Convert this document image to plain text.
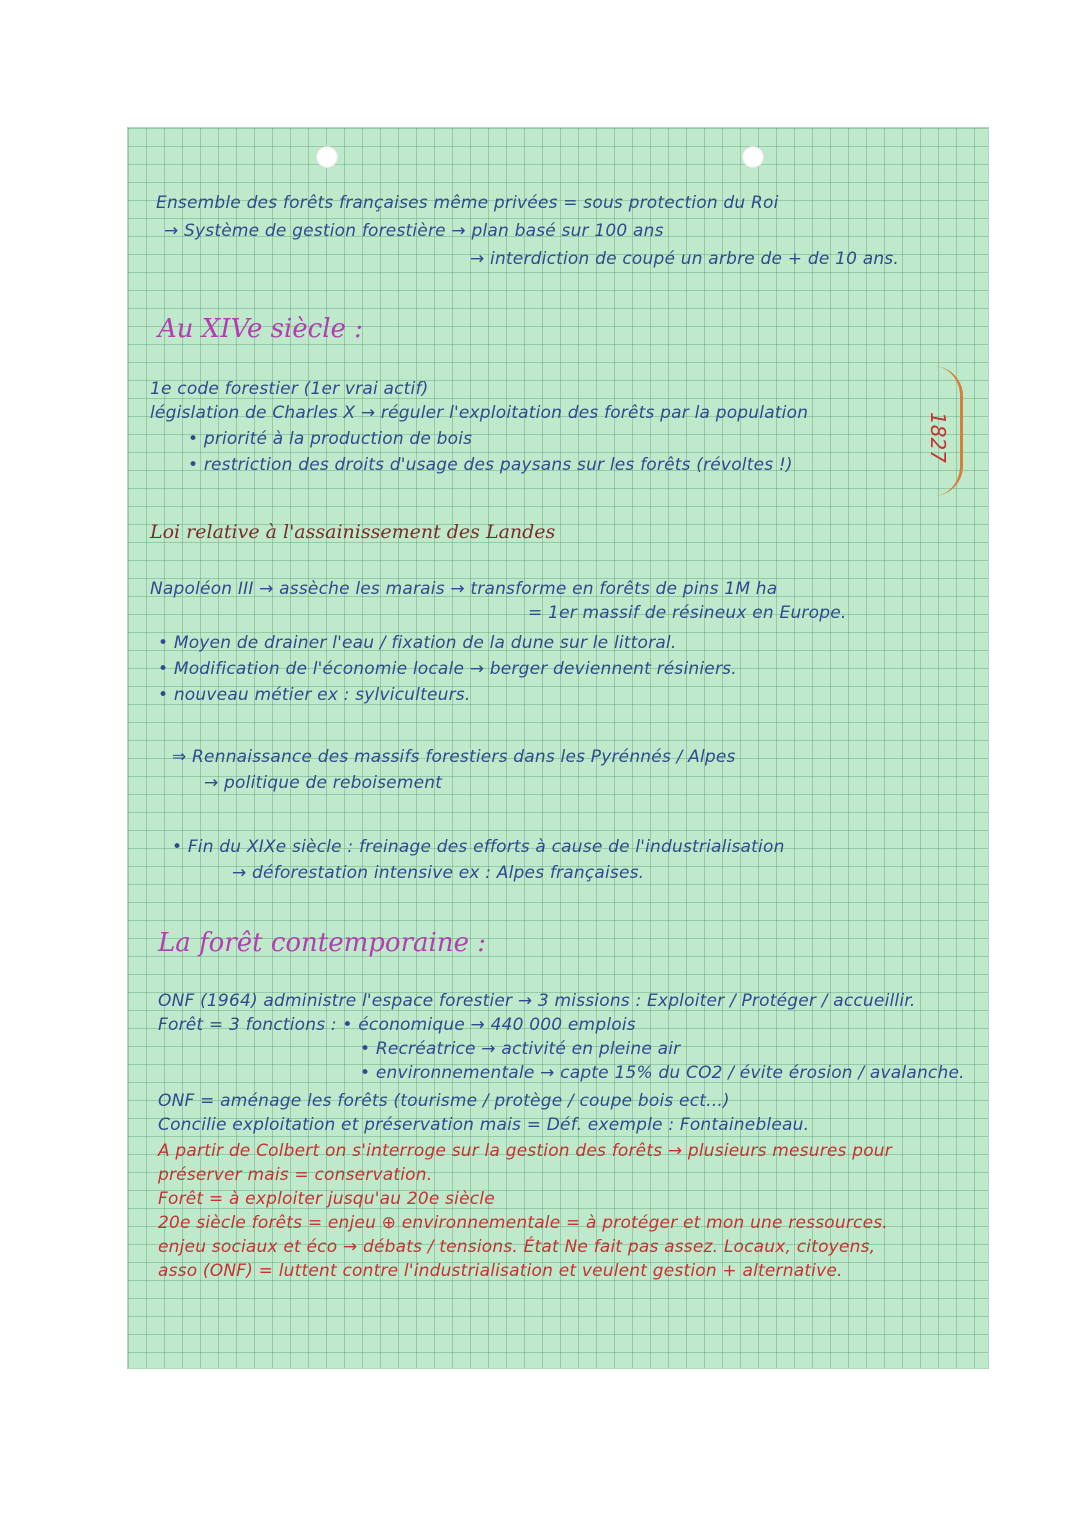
Ensemble des forêts françaises même privées = sous protection du Roi
→ Système de gestion forestière → plan basé sur 100 ans
→ interdiction de coupé un arbre de + de 10 ans.
Au XIVe siècle :
1e code forestier (1er vrai actif)
législation de Charles X → réguler l'exploitation des forêts par la population
• priorité à la production de bois
• restriction des droits d'usage des paysans sur les forêts (révoltes !)
1827
Loi relative à l'assainissement des Landes
Napoléon III → assèche les marais → transforme en forêts de pins 1M ha
= 1er massif de résineux en Europe.
• Moyen de drainer l'eau / fixation de la dune sur le littoral.
• Modification de l'économie locale → berger deviennent résiniers.
• nouveau métier ex : sylviculteurs.
⇒ Rennaissance des massifs forestiers dans les Pyrénnés / Alpes
→ politique de reboisement
• Fin du XIXe siècle : freinage des efforts à cause de l'industrialisation
→ déforestation intensive ex : Alpes françaises.
La forêt contemporaine :
ONF (1964) administre l'espace forestier → 3 missions : Exploiter / Protéger / accueillir.
Forêt = 3 fonctions : • économique → 440 000 emplois
• Recréatrice → activité en pleine air
• environnementale → capte 15% du CO2 / évite érosion / avalanche.
ONF = aménage les forêts (tourisme / protège / coupe bois ect...)
Concilie exploitation et préservation mais = Déf. exemple : Fontainebleau.
A partir de Colbert on s'interroge sur la gestion des forêts → plusieurs mesures pour
préserver mais = conservation.
Forêt = à exploiter jusqu'au 20e siècle
20e siècle forêts = enjeu ⊕ environnementale = à protéger et mon une ressources.
enjeu sociaux et éco → débats / tensions. État Ne fait pas assez. Locaux, citoyens,
asso (ONF) = luttent contre l'industrialisation et veulent gestion + alternative.
